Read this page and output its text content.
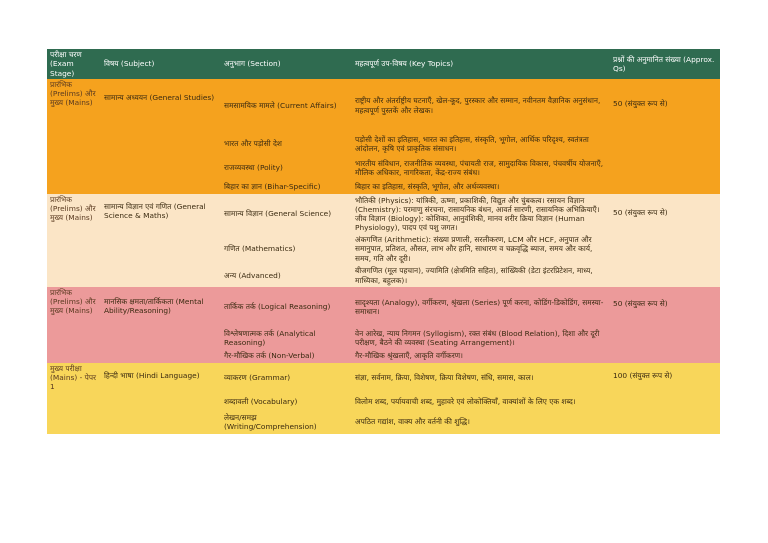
परीक्षा चरण (Exam Stage)	विषय (Subject)	अनुभाग (Section)	महत्वपूर्ण उप-विषय (Key Topics)	प्रश्नों की अनुमानित संख्या (Approx. Qs)
प्रारंभिक (Prelims) और मुख्य (Mains)	सामान्य अध्ययन (General Studies)	समसामयिक मामले (Current Affairs)	राष्ट्रीय और अंतर्राष्ट्रीय घटनाएँ, खेल-कूद, पुरस्कार और सम्मान, नवीनतम वैज्ञानिक अनुसंधान, महत्वपूर्ण पुस्तकें और लेखक।	50 (संयुक्त रूप से)
		भारत और पड़ोसी देश	पड़ोसी देशों का इतिहास, भारत का इतिहास, संस्कृति, भूगोल, आर्थिक परिदृश्य, स्वतंत्रता आंदोलन, कृषि एवं प्राकृतिक संसाधन।	
		राजव्यवस्था (Polity)	भारतीय संविधान, राजनीतिक व्यवस्था, पंचायती राज, सामुदायिक विकास, पंचवर्षीय योजनाएँ, मौलिक अधिकार, नागरिकता, केंद्र-राज्य संबंध।	
		बिहार का ज्ञान (Bihar-Specific)	बिहार का इतिहास, संस्कृति, भूगोल, और अर्थव्यवस्था।	
प्रारंभिक (Prelims) और मुख्य (Mains)	सामान्य विज्ञान एवं गणित (General Science & Maths)	सामान्य विज्ञान (General Science)	भौतिकी (Physics): यांत्रिकी, ऊष्मा, प्रकाशिकी, विद्युत और चुंबकत्व। रसायन विज्ञान (Chemistry): परमाणु संरचना, रासायनिक बंधन, आवर्त सारणी, रासायनिक अभिक्रियाएँ। जीव विज्ञान (Biology): कोशिका, आनुवंशिकी, मानव शरीर क्रिया विज्ञान (Human Physiology), पादप एवं पशु जगत।	50 (संयुक्त रूप से)
		गणित (Mathematics)	अंकगणित (Arithmetic): संख्या प्रणाली, सरलीकरण, LCM और HCF, अनुपात और समानुपात, प्रतिशत, औसत, लाभ और हानि, साधारण व चक्रवृद्धि ब्याज, समय और कार्य, समय, गति और दूरी।	
		अन्य (Advanced)	बीजगणित (मूल पहचान), ज्यामिति (क्षेत्रमिति सहित), सांख्यिकी (डेटा इंटरप्रिटेशन, माध्य, माध्यिका, बहुलक)।	
प्रारंभिक (Prelims) और मुख्य (Mains)	मानसिक क्षमता/तार्किकता (Mental Ability/Reasoning)	तार्किक तर्क (Logical Reasoning)	सादृश्यता (Analogy), वर्गीकरण, श्रृंखला (Series) पूर्ण करना, कोडिंग-डिकोडिंग, समस्या-समाधान।	50 (संयुक्त रूप से)
		विश्लेषणात्मक तर्क (Analytical Reasoning)	वेन आरेख, न्याय निगमन (Syllogism), रक्त संबंध (Blood Relation), दिशा और दूरी परीक्षण, बैठने की व्यवस्था (Seating Arrangement)।	
		गैर-मौखिक तर्क (Non-Verbal)	गैर-मौखिक श्रृंखलाएँ, आकृति वर्गीकरण।	
मुख्य परीक्षा (Mains) - पेपर 1	हिन्दी भाषा (Hindi Language)	व्याकरण (Grammar)	संज्ञा, सर्वनाम, क्रिया, विशेषण, क्रिया विशेषण, संधि, समास, काल।	100 (संयुक्त रूप से)
		शब्दावली (Vocabulary)	विलोम शब्द, पर्यायवाची शब्द, मुहावरे एवं लोकोक्तियाँ, वाक्यांशों के लिए एक शब्द।	
		लेखन/समझ (Writing/Comprehension)	अपठित गद्यांश, वाक्य और वर्तनी की शुद्धि।	
